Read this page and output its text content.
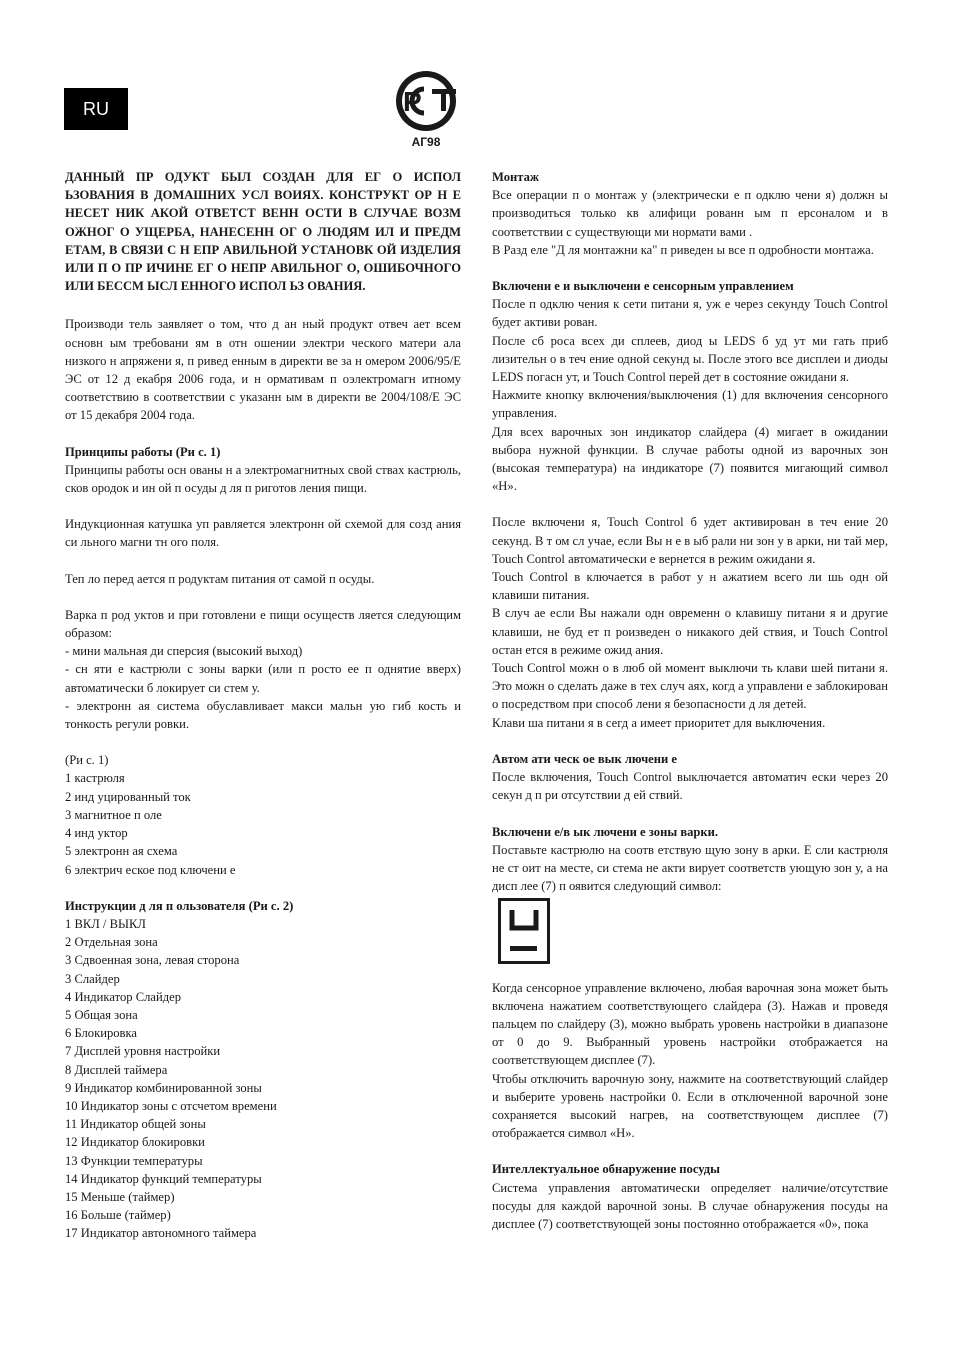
RU	Р
АГ98

ДАННЫЙ ПР ОДУКТ БЫЛ СОЗДАН ДЛЯ ЕГ О ИСПОЛ ЬЗОВАНИЯ В ДОМАШНИХ УСЛ ВОИЯХ. КОНСТРУКТ ОР Н Е НЕСЕТ НИК АКОЙ ОТВЕТСТ ВЕНН ОСТИ В СЛУЧАЕ ВОЗМ ОЖНОГ О УЩЕРБА, НАНЕСЕНН ОГ О ЛЮДЯМ ИЛ И ПРЕДМ ЕТАМ, В СВЯЗИ С Н ЕПР АВИЛЬНОЙ УСТАНОВК ОЙ ИЗДЕЛИЯ ИЛИ П О ПР ИЧИНЕ ЕГ О НЕПР АВИЛЬНОГ О, ОШИБОЧНОГО ИЛИ БЕССМ ЫСЛ ЕННОГО ИСПОЛ ЬЗ ОВАНИЯ.

Производи тель заявляет о том, что д ан ный продукт отвеч ает всем основн ым требовани ям в отн ошении электри ческого матери ала низкого н апряжени я, п ривед енным в директи ве за н омером 2006/95/Е ЭС от 12 д екабря 2006 года, и н ормативам п оэлектромагн итному соответствию в соответствии с указанн ым в директи ве 2004/108/Е ЭС от 15 декабря 2004 года.

Принципы работы (Ри с. 1)

Принципы работы осн ованы н а электромагнитных свой ствах кастрюль, сков ородок и ин ой п осуды д ля п риготов ления пищи.

Индукционная катушка уп равляется электронн ой схемой для созд ания си льного магни тн ого поля.

Теп ло перед ается п родуктам питания от самой п осуды.

Варка п род уктов и при готовлени е пищи осуществ ляется следующим образом:

- мини мальная ди сперсия (высокий выход)

- сн яти е кастрюли с зоны варки (или п росто ее п однятие вверх) автоматически б локирует си стем у.

- электронн ая система обуславливает макси мальн ую гиб кость и тонкость регули ровки.

(Ри с. 1)
1 кастрюля
2 инд уцированный ток
3 магнитное п оле
4 инд уктор
5 электронн ая схема
6 электрич еское под ключени е
Инструкции д ля п ользователя (Ри с. 2)
1 ВКЛ / ВЫКЛ
2 Отдельная зона
3 Сдвоенная зона, левая сторона
3 Слайдер
4 Индикатор Слайдер
5 Общая зона
6 Блокировка
7 Дисплей уровня настройки
8 Дисплей таймера
9 Индикатор комбинированной зоны
10 Индикатор зоны с отсчетом времени
11 Индикатор общей зоны
12 Индикатор блокировки
13 Функции температуры
14 Индикатор функций температуры
15 Меньше (таймер)
16 Больше (таймер)
17 Индикатор автономного таймера
Монтаж

Все операции п о монтаж у (электрически е п одклю чени я) должн ы производиться только кв алифици рованн ым п ерсоналом и в соответствии с существующи ми нормати вами .

В Разд еле "Д ля монтажни ка" п риведен ы все п одробности монтажа.

Включени е и выключени е сенсорным управлением

После п одклю чения к сети питани я, уж е через секунду Touch Control будет активи рован.

После сб роса всех ди сплеев, диод ы LEDS б уд ут ми гать приб лизительн о в теч ение одной секунд ы. После этого все дисплеи и диоды LEDS погасн ут, и Touch Control перей дет в состояние ожидани я.

Нажмите кнопку включения/выключения (1) для включения сенсорного управления.

Для всех варочных зон индикатор слайдера (4) мигает в ожидании выбора нужной функции. В случае работы одной из варочных зон (высокая температура) на индикаторе (7) появится мигающий символ «H».

После включени я, Touch Control б удет активирован в теч ение 20 секунд. В т ом сл учае, если Вы н е в ыб рали ни зон у в арки, ни тай мер, Touch Control автоматически е вернется в режим ожидани я.

Touch Control в ключается в работ у н ажатием всего ли шь одн ой клавиши питания.

В случ ае если Вы нажали одн овременн о клавишу питани я и другие клавиши, не буд ет п роизведен о никакого дей ствия, и Touch Control остан ется в режиме ожид ания.

Touch Control можн о в люб ой момент выключи ть клави шей питани я. Это можн о сделать даже в тех случ аях, когд а управлени е заблокирован о посредством при способ лени я безопасности д ля детей.

Клави ша питани я в сегд а имеет приоритет для выключения.

Автом ати ческ ое вык лючени е

После включения, Touch Control выключается автоматич ески через 20 секун д п ри отсутствии д ей ствий.

Включени е/в ык лючени е зоны варки.

Поставьте кастрюлю на соотв етствую щую зону в арки. Е сли кастрюля не ст оит на месте, си стема не акти вирует соответств ующую зон у, а на дисп лее (7) п оявится следующий символ:

Когда сенсорное управление включено, любая варочная зона может быть включена нажатием соответствующего слайдера (3). Нажав и проведя пальцем по слайдеру (3), можно выбрать уровень настройки в диапазоне от 0 до 9. Выбранный уровень настройки отображается на соответствующем дисплее (7).

Чтобы отключить варочную зону, нажмите на соответствующий слайдер и выберите уровень настройки 0. Если в отключенной варочной зоне сохраняется высокий нагрев, на соответствующем дисплее (7) отображается символ «H».

Интеллектуальное обнаружение посуды

Система управления автоматически определяет наличие/отсутствие посуды для каждой варочной зоны. В случае обнаружения посуды на дисплее (7) соответствующей зоны постоянно отображается «0», пока
